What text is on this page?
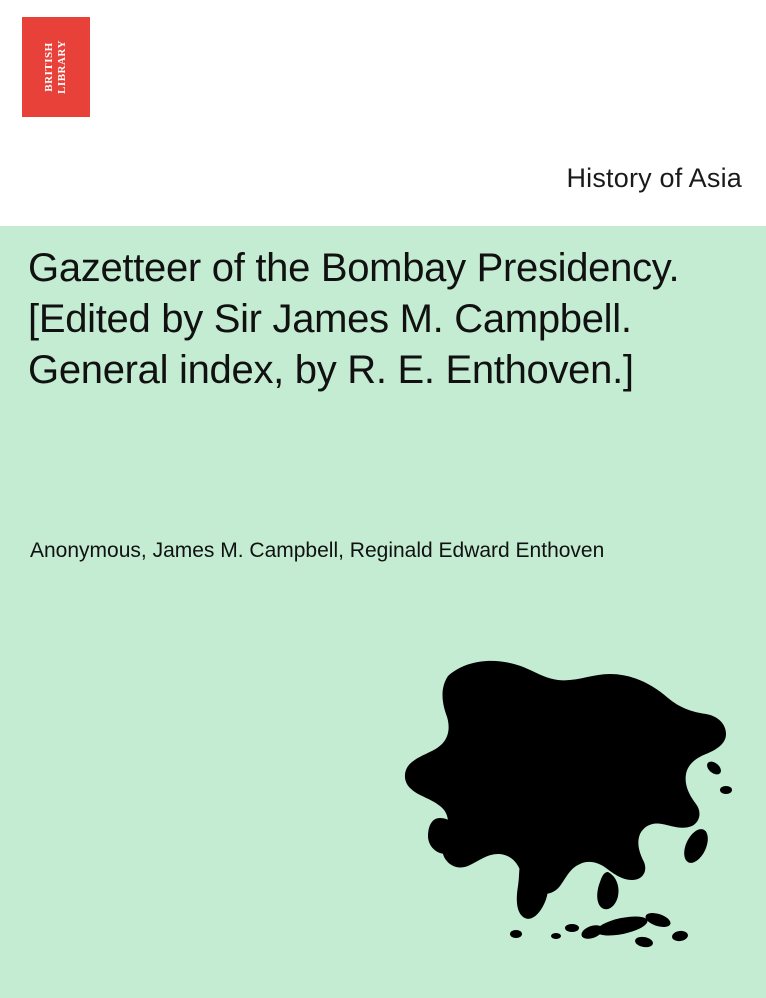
BRITISH LIBRARY
History of Asia
Gazetteer of the Bombay Presidency. [Edited by Sir James M. Campbell. General index, by R. E. Enthoven.]
Anonymous, James M. Campbell, Reginald Edward Enthoven
